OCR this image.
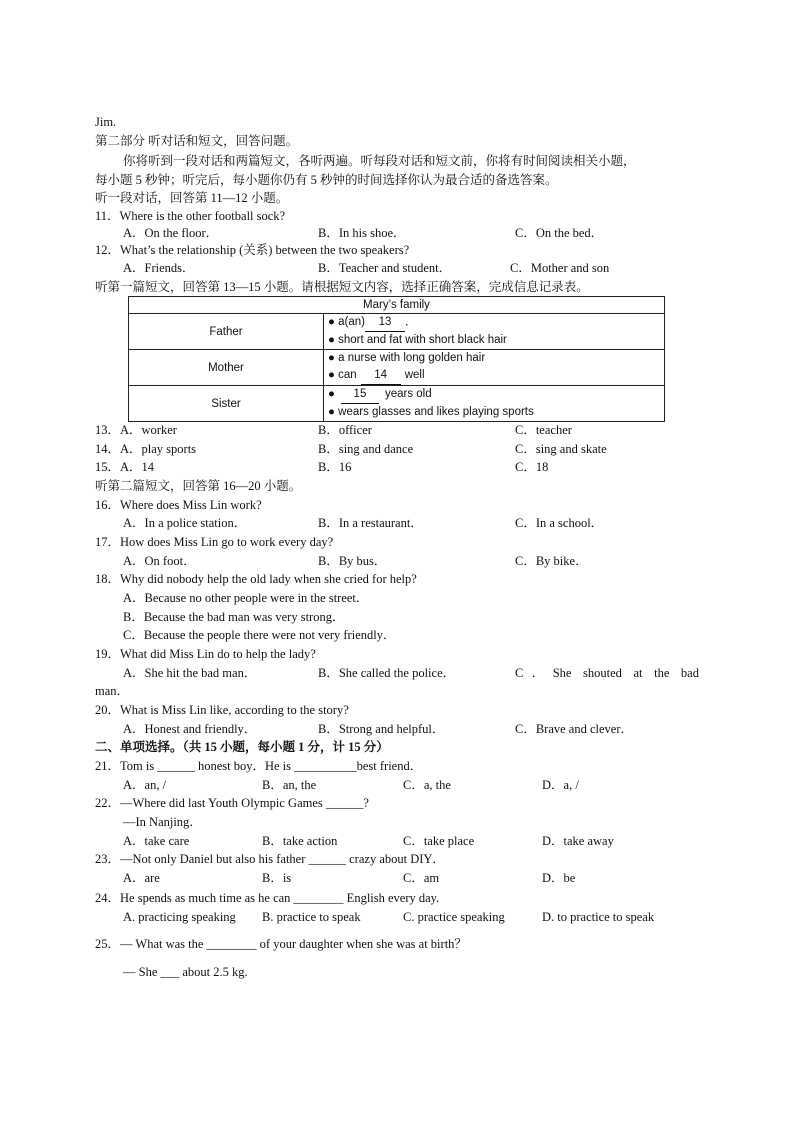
Jim.
第二部分 听对话和短文，回答问题。
你将听到一段对话和两篇短文，各听两遍。听每段对话和短文前，你将有时间阅读相关小题，
每小题 5 秒钟；听完后，每小题你仍有 5 秒钟的时间选择你认为最合适的备选答案。
听一段对话，回答第 11—12 小题。
11．Where is the other football sock?
A．On the floor．	B．In his shoe．	C．On the bed．
12．What’s the relationship (关系) between the two speakers?
A．Friends．	B．Teacher and student．	C．Mother and son
听第一篇短文，回答第 13—15 小题。请根据短文内容，选择正确答案，完成信息记录表。
Mary’s family	
Father	● a(an) 13 ．
● short and fat with short black hair

Mother	● a nurse with long golden hair
● can 14 well

Sister	● 15 years old
● wears glasses and likes playing sports
13．A．worker	B．officer	C．teacher
14．A．play sports	B．sing and dance	C．sing and skate
15．A．14	B．16	C．18
听第二篇短文，回答第 16—20 小题。
16．Where does Miss Lin work?
A．In a police station．	B．In a restaurant．	C．In a school．
17．How does Miss Lin go to work every day?
A．On foot．	B．By bus．	C．By bike．
18．Why did nobody help the old lady when she cried for help?
A．Because no other people were in the street．
B．Because the bad man was very strong．
C．Because the people there were not very friendly．
19．What did Miss Lin do to help the lady?
A．She hit the bad man．	B．She called the police．	C．She shouted at the bad
man．
20．What is Miss Lin like, according to the story?
A．Honest and friendly．	B．Strong and helpful．	C．Brave and clever．
二、单项选择。（共 15 小题，每小题 1 分，计 15 分）
21．Tom is ______ honest boy．He is __________best friend．
A．an, /	B．an, the	C．a, the	D．a, /
22．—Where did last Youth Olympic Games ______?
—In Nanjing．
A．take care	B．take action	C．take place	D．take away
23．—Not only Daniel but also his father ______ crazy about DIY．
A．are	B．is	C．am	D．be
24．He spends as much time as he can ________ English every day.
A. practicing speaking B. practice to speak	C. practice speaking	D. to practice to speak
25．— What was the ________ of your daughter when she was at birth？
— She ___ about 2.5 kg.
